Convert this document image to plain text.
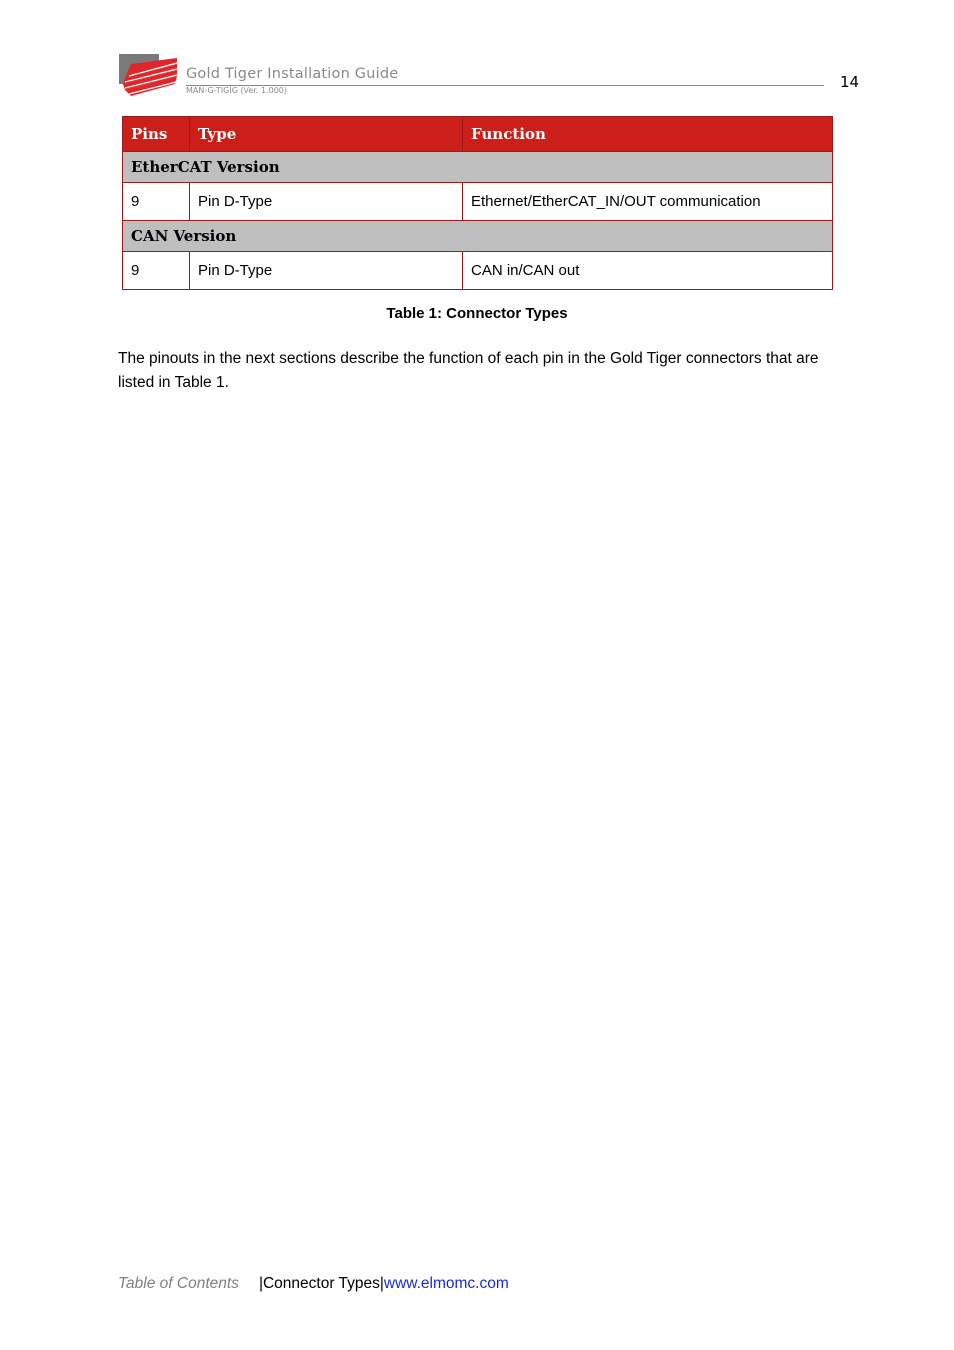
Gold Tiger Installation Guide
MAN-G-TIGIG (Ver. 1.000)	14
Pins	Type	Function
EtherCAT Version		
9	Pin D-Type	Ethernet/EtherCAT_IN/OUT communication
CAN Version		
9	Pin D-Type	CAN in/CAN out
Table 1: Connector Types
The pinouts in the next sections describe the function of each pin in the Gold Tiger connectors that are listed in Table 1.
Table of Contents |Connector Types|www.elmomc.com
